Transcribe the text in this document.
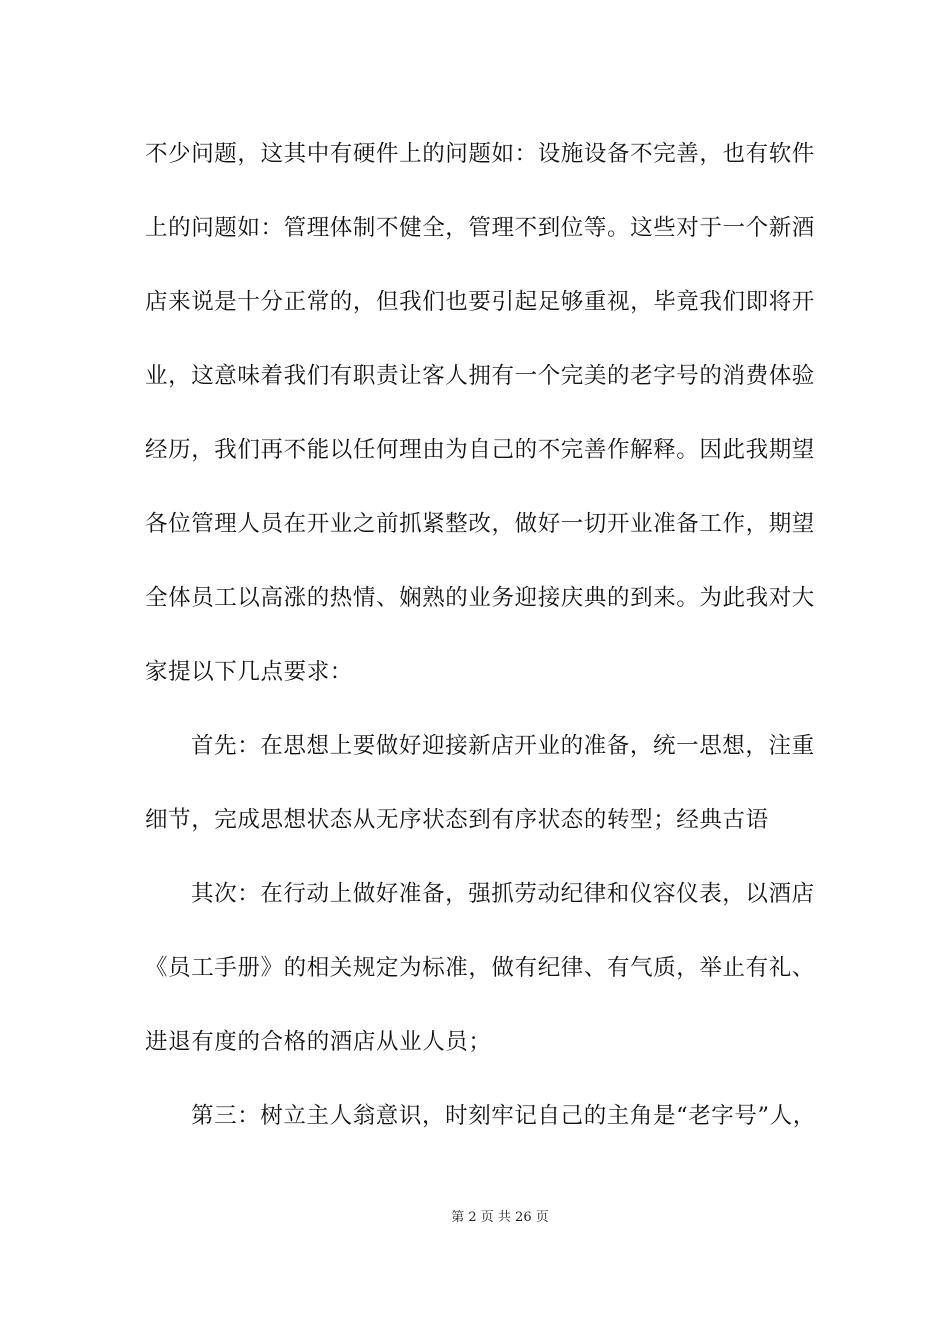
不少问题，这其中有硬件上的问题如：设施设备不完善，也有软件
上的问题如：管理体制不健全，管理不到位等。这些对于一个新酒
店来说是十分正常的，但我们也要引起足够重视，毕竟我们即将开
业，这意味着我们有职责让客人拥有一个完美的老字号的消费体验
经历，我们再不能以任何理由为自己的不完善作解释。因此我期望
各位管理人员在开业之前抓紧整改，做好一切开业准备工作，期望
全体员工以高涨的热情、娴熟的业务迎接庆典的到来。为此我对大
家提以下几点要求：
首先：在思想上要做好迎接新店开业的准备，统一思想，注重
细节，完成思想状态从无序状态到有序状态的转型；经典古语
其次：在行动上做好准备，强抓劳动纪律和仪容仪表，以酒店
《员工手册》的相关规定为标准，做有纪律、有气质，举止有礼、
进退有度的合格的酒店从业人员；
第三：树立主人翁意识，时刻牢记自己的主角是“老字号”人，
第 2 页 共 26 页
